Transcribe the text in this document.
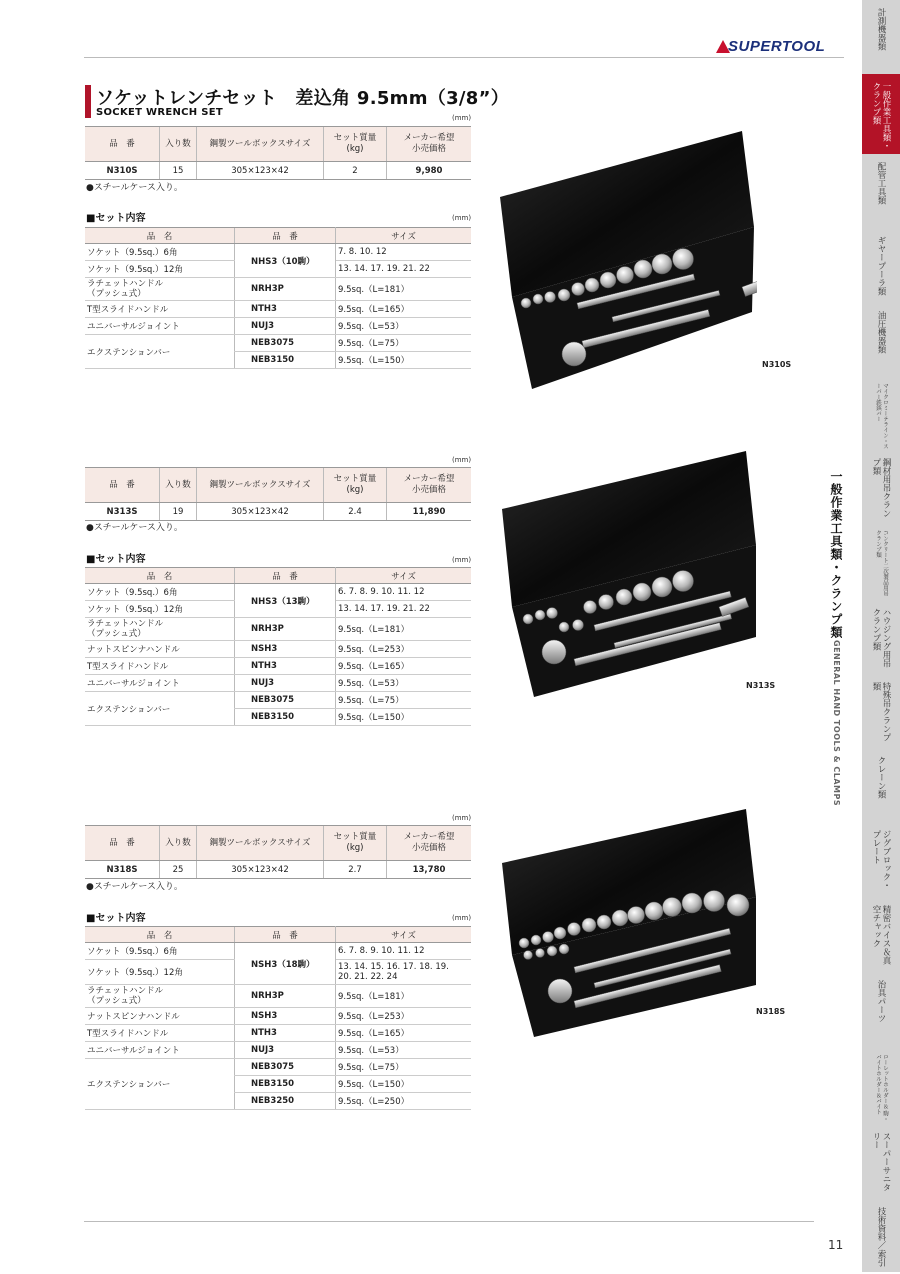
SUPERTOOL
ソケットレンチセット　差込角 9.5mm（3/8”）
SOCKET WRENCH SET	(mm)
品　番	入り数	鋼製ツールボックスサイズ	セット質量
(kg)	メーカー希望
小売価格
N310S	15	305×123×42	2	9,980
●スチールケース入り。
■セット内容	(mm)
品　名	品　番	サイズ
ソケット（9.5sq.）6角	NHS3（10駒）	7. 8. 10. 12
ソケット（9.5sq.）12角		13. 14. 17. 19. 21. 22
ラチェットハンドル
（プッシュ式）	NRH3P	9.5sq.（L=181）
T型スライドハンドル	NTH3	9.5sq.（L=165）
ユニバーサルジョイント	NUJ3	9.5sq.（L=53）
エクステンションバー	NEB3075	9.5sq.（L=75）
	NEB3150	9.5sq.（L=150）	N310S
(mm)
品　番	入り数	鋼製ツールボックスサイズ	セット質量
(kg)	メーカー希望
小売価格
N313S	19	305×123×42	2.4	11,890
●スチールケース入り。
■セット内容	(mm)
品　名	品　番	サイズ
ソケット（9.5sq.）6角	NHS3（13駒）	6. 7. 8. 9. 10. 11. 12
ソケット（9.5sq.）12角		13. 14. 17. 19. 21. 22
ラチェットハンドル
（プッシュ式）	NRH3P	9.5sq.（L=181）
ナットスピンナハンドル	NSH3	9.5sq.（L=253）
T型スライドハンドル	NTH3	9.5sq.（L=165）
ユニバーサルジョイント	NUJ3	9.5sq.（L=53）
エクステンションバー	NEB3075	9.5sq.（L=75）
	NEB3150	9.5sq.（L=150）
N313S
(mm)
品　番	入り数	鋼製ツールボックスサイズ	セット質量
(kg)	メーカー希望
小売価格
N318S	25	305×123×42	2.7	13,780
●スチールケース入り。
■セット内容	(mm)
品　名	品　番	サイズ
ソケット（9.5sq.）6角	NSH3（18駒）	6. 7. 8. 9. 10. 11. 12
ソケット（9.5sq.）12角		13. 14. 15. 16. 17. 18. 19.
20. 21. 22. 24
ラチェットハンドル
（プッシュ式）	NRH3P	9.5sq.（L=181）
ナットスピンナハンドル	NSH3	9.5sq.（L=253）
T型スライドハンドル	NTH3	9.5sq.（L=165）
ユニバーサルジョイント	NUJ3	9.5sq.（L=53）
エクステンションバー	NEB3075	9.5sq.（L=75）
	NEB3150	9.5sq.（L=150）
	NEB3250	9.5sq.（L=250）
N318S
一般作業工具類・クランプ類
GENERAL HAND TOOLS & CLAMPS
計測機器類
一般作業工具類・クランプ類
配管工具類
ギヤープーラ類
油圧機器類
マイクロミーテライン・スーパー鉄鋲バー
鋼材用吊クランプ類
コンクリート二次製品用吊クランプ類
ハウジング用吊クランプ類
特殊吊クランプ類
クレーン類
ジグブロック・プレート
精密バイス＆真空チャック
治具パーツ
ローレットホルダー＆ 駒・バイトホルダー＆バイト
スーパーサニタリー
技術資料／索引
11
